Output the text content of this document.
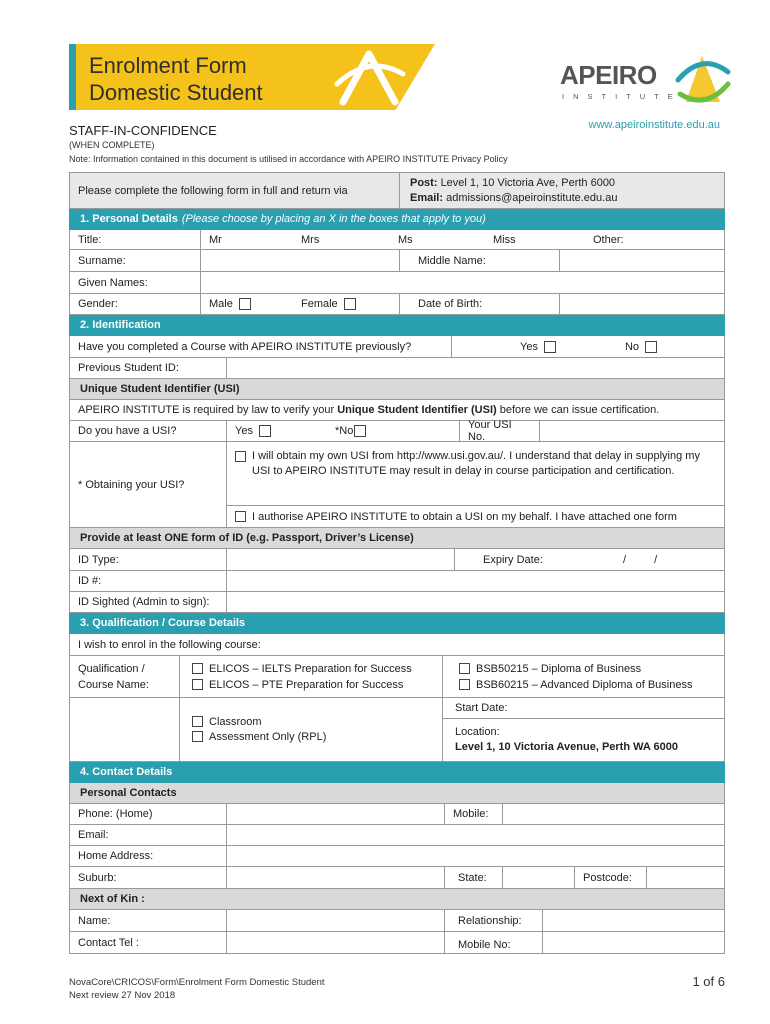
Enrolment Form
Domestic Student
APEIRO
INSTITUTE
www.apeiroinstitute.edu.au
STAFF-IN-CONFIDENCE
(WHEN COMPLETE)
Note: Information contained in this document is utilised in accordance with APEIRO INSTITUTE Privacy Policy
Please complete the following form in full and return via
Post: Level 1, 10 Victoria Ave, Perth 6000
Email: admissions@apeiroinstitute.edu.au
1. Personal Details (Please choose by placing an X in the boxes that apply to you)
Title:	Mr	Mrs	Ms	Miss	Other:
Surname:	Middle Name:
Given Names:
Gender:	Male	Female	Date of Birth:
2. Identification
Have you completed a Course with APEIRO INSTITUTE previously?	Yes	No
Previous Student ID:
Unique Student Identifier (USI)
APEIRO INSTITUTE is required by law to verify your Unique Student Identifier (USI) before we can issue certification.
Do you have a USI?	Yes	*No	Your USI No.
* Obtaining your USI?
I will obtain my own USI from http://www.usi.gov.au/. I understand that delay in supplying my USI to APEIRO INSTITUTE may result in delay in course participation and certification.
I authorise APEIRO INSTITUTE to obtain a USI on my behalf. I have attached one form
Provide at least ONE form of ID (e.g. Passport, Driver’s License)
ID Type:	Expiry Date:	/	/
ID #:
ID Sighted (Admin to sign):
3. Qualification / Course Details
I wish to enrol in the following course:
Qualification /
Course Name:
ELICOS – IELTS Preparation for Success
ELICOS – PTE Preparation for Success
BSB50215 – Diploma of Business
BSB60215 – Advanced Diploma of Business
Classroom
Assessment Only (RPL)
Start Date:
Location:
Level 1, 10 Victoria Avenue, Perth WA 6000
4. Contact Details
Personal Contacts
Phone: (Home)	Mobile:
Email:
Home Address:
Suburb:	State:	Postcode:
Next of Kin :
Name:	Relationship:
Contact Tel :	Mobile No:
NovaCore\CRICOS\Form\Enrolment Form Domestic Student
Next review 27 Nov 2018
1 of 6
